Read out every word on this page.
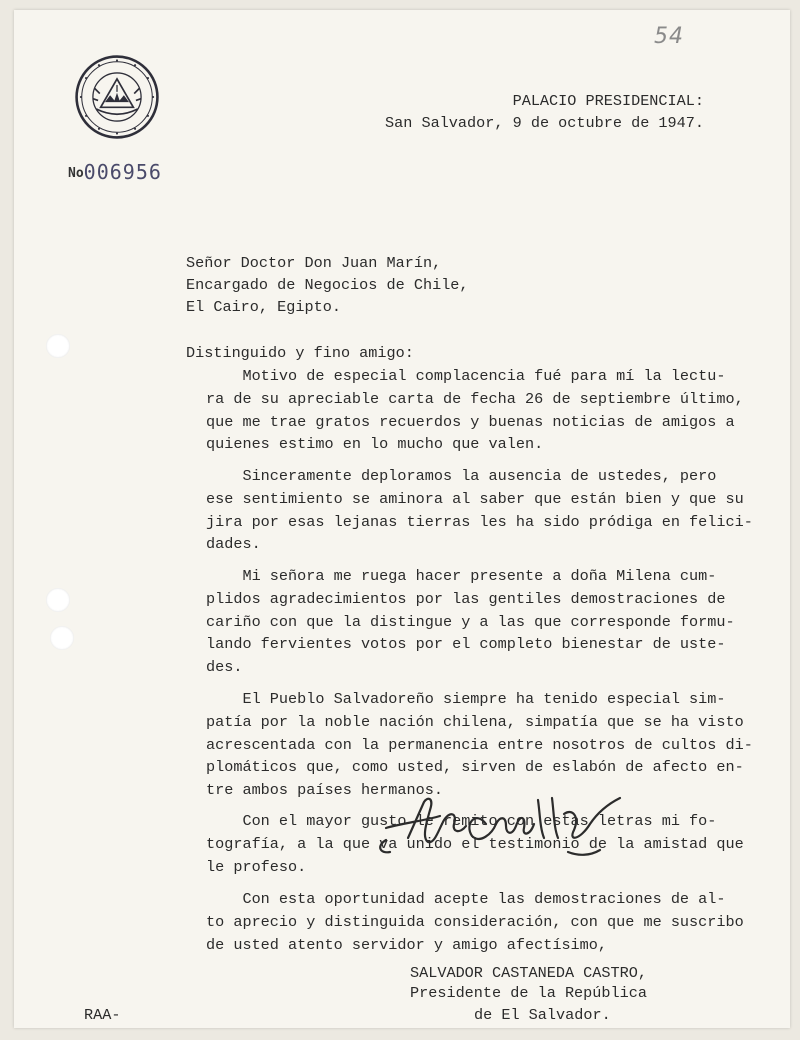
54
No006956
PALACIO PRESIDENCIAL:
San Salvador, 9 de octubre de 1947.
Señor Doctor Don Juan Marín,
Encargado de Negocios de Chile,
El Cairo, Egipto.
Distinguido y fino amigo:
Motivo de especial complacencia fué para mí la lectu-
ra de su apreciable carta de fecha 26 de septiembre último,
que me trae gratos recuerdos y buenas noticias de amigos a
quienes estimo en lo mucho que valen.
Sinceramente deploramos la ausencia de ustedes, pero
ese sentimiento se aminora al saber que están bien y que su
jira por esas lejanas tierras les ha sido pródiga en felici-
dades.
Mi señora me ruega hacer presente a doña Milena cum-
plidos agradecimientos por las gentiles demostraciones de
cariño con que la distingue y a las que corresponde formu-
lando fervientes votos por el completo bienestar de uste-
des.
El Pueblo Salvadoreño siempre ha tenido especial sim-
patía por la noble nación chilena, simpatía que se ha visto
acrescentada con la permanencia entre nosotros de cultos di-
plomáticos que, como usted, sirven de eslabón de afecto en-
tre ambos países hermanos.
Con el mayor gusto le remito con estas letras mi fo-
tografía, a la que va unido el testimonio de la amistad que
le profeso.
Con esta oportunidad acepte las demostraciones de al-
to aprecio y distinguida consideración, con que me suscribo
de usted atento servidor y amigo afectísimo,
SALVADOR CASTANEDA CASTRO,
Presidente de la República
de El Salvador.
RAA-
